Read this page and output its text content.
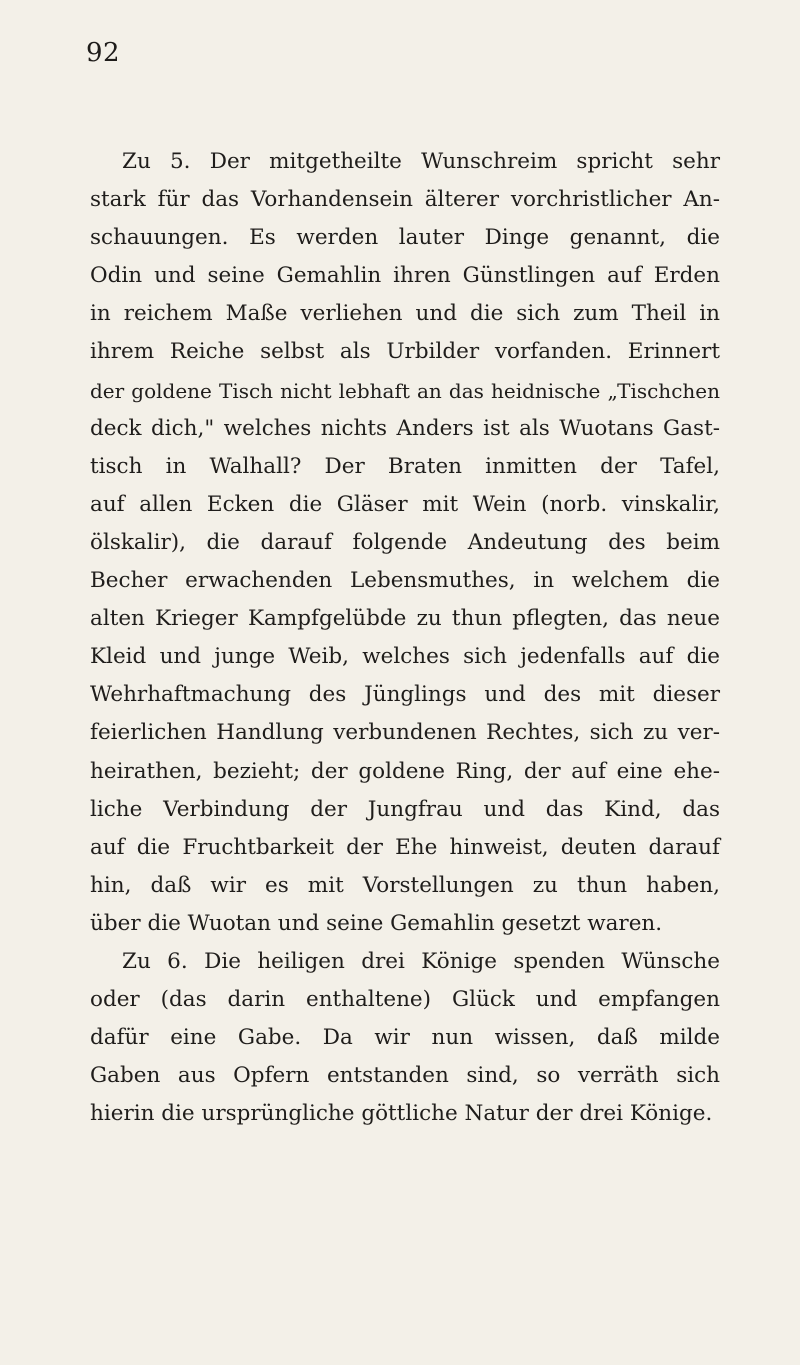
92
Zu 5. Der mitgetheilte Wunschreim spricht sehr
stark für das Vorhandensein älterer vorchristlicher An-
schauungen. Es werden lauter Dinge genannt, die
Odin und seine Gemahlin ihren Günstlingen auf Erden
in reichem Maße verliehen und die sich zum Theil in
ihrem Reiche selbst als Urbilder vorfanden. Erinnert
der goldene Tisch nicht lebhaft an das heidnische „Tischchen
deck dich," welches nichts Anders ist als Wuotans Gast-
tisch in Walhall? Der Braten inmitten der Tafel,
auf allen Ecken die Gläser mit Wein (norb. vinskalir,
ölskalir), die darauf folgende Andeutung des beim
Becher erwachenden Lebensmuthes, in welchem die
alten Krieger Kampfgelübde zu thun pflegten, das neue
Kleid und junge Weib, welches sich jedenfalls auf die
Wehrhaftmachung des Jünglings und des mit dieser
feierlichen Handlung verbundenen Rechtes, sich zu ver-
heirathen, bezieht; der goldene Ring, der auf eine ehe-
liche Verbindung der Jungfrau und das Kind, das
auf die Fruchtbarkeit der Ehe hinweist, deuten darauf
hin, daß wir es mit Vorstellungen zu thun haben,
über die Wuotan und seine Gemahlin gesetzt waren.
Zu 6. Die heiligen drei Könige spenden Wünsche
oder (das darin enthaltene) Glück und empfangen
dafür eine Gabe. Da wir nun wissen, daß milde
Gaben aus Opfern entstanden sind, so verräth sich
hierin die ursprüngliche göttliche Natur der drei Könige.
